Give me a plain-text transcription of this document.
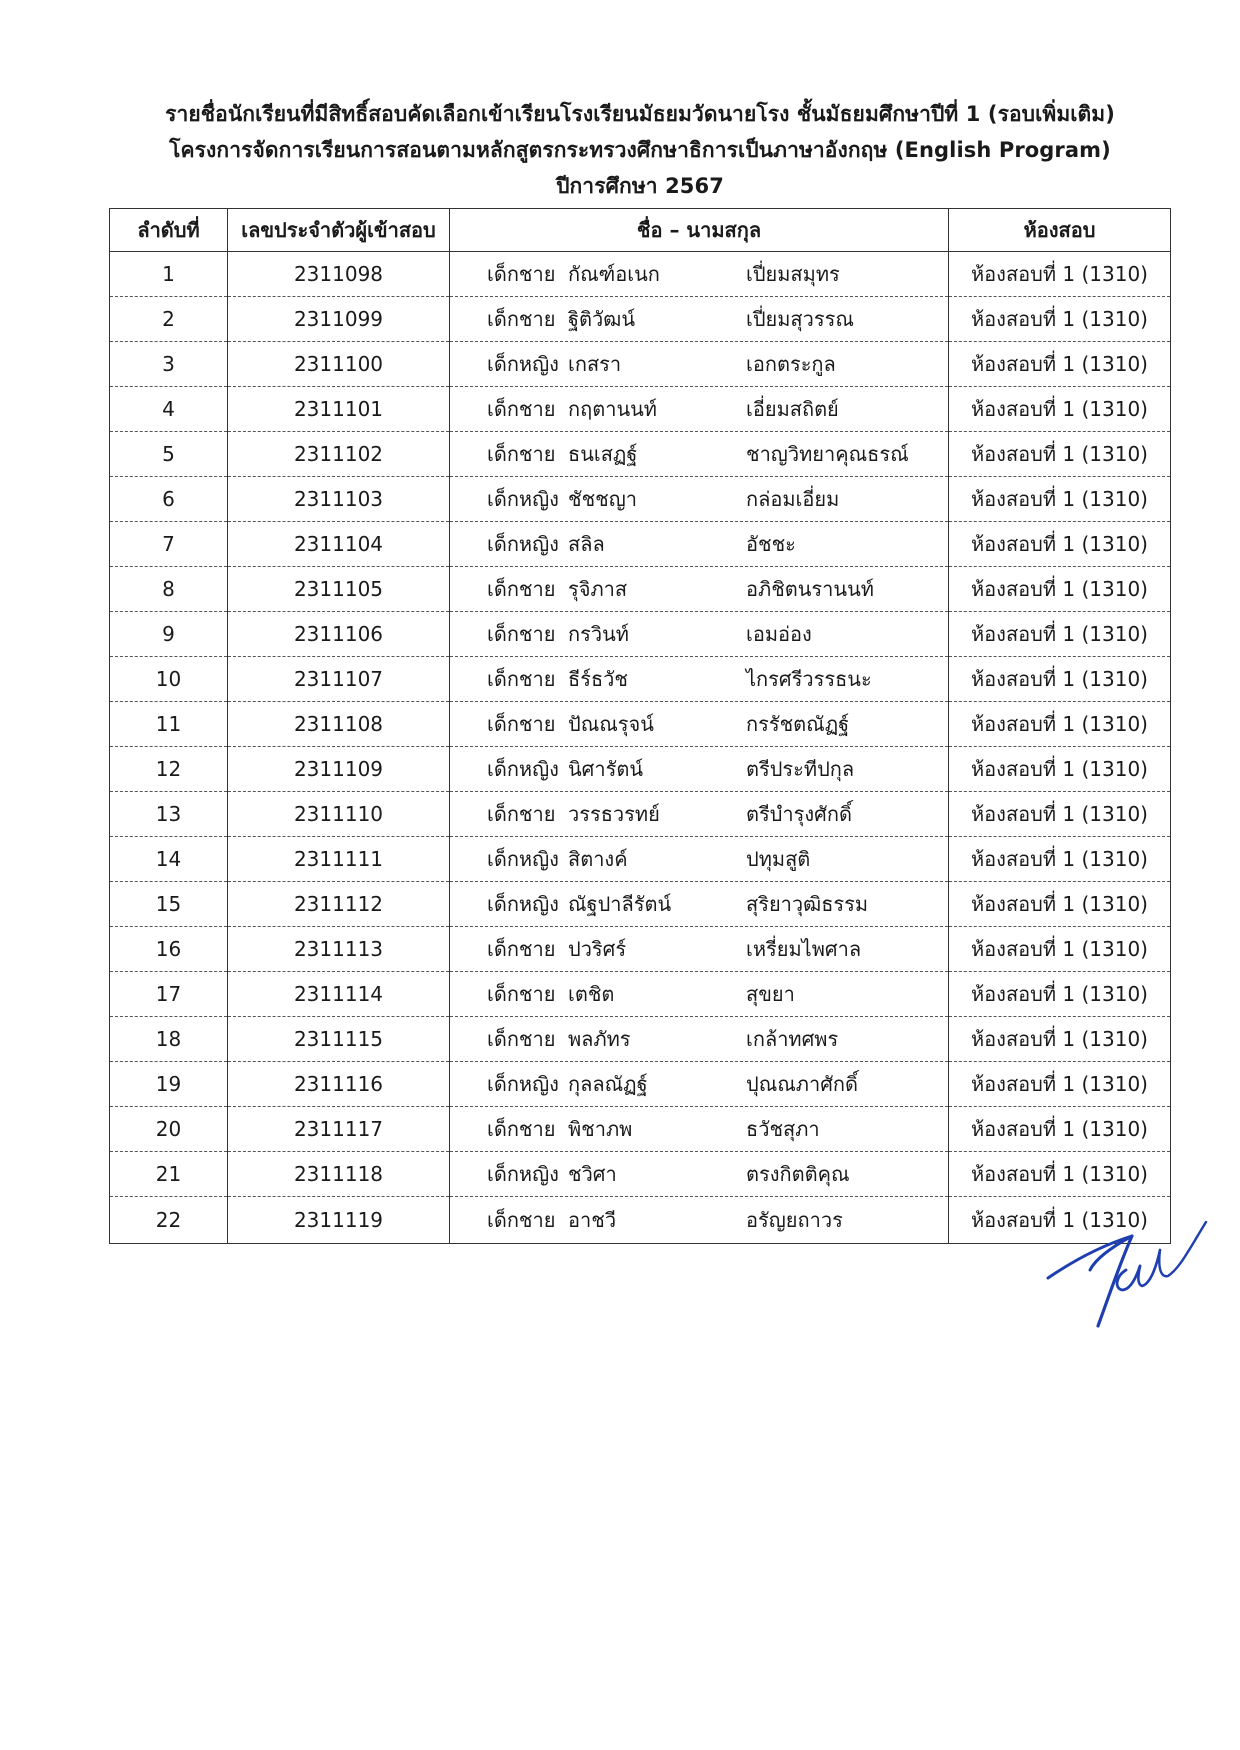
รายชื่อนักเรียนที่มีสิทธิ์สอบคัดเลือกเข้าเรียนโรงเรียนมัธยมวัดนายโรง ชั้นมัธยมศึกษาปีที่ 1 (รอบเพิ่มเติม)
โครงการจัดการเรียนการสอนตามหลักสูตรกระทรวงศึกษาธิการเป็นภาษาอังกฤษ (English Program)
ปีการศึกษา 2567
ลำดับที่	เลขประจำตัวผู้เข้าสอบ	ชื่อ – นามสกุล	ห้องสอบ
1	2311098	เด็กชาย กัณฑ์อเนก เปี่ยมสมุทร	ห้องสอบที่ 1 (1310)
2	2311099	เด็กชาย ฐิติวัฒน์ เปี่ยมสุวรรณ	ห้องสอบที่ 1 (1310)
3	2311100	เด็กหญิง เกสรา เอกตระกูล	ห้องสอบที่ 1 (1310)
4	2311101	เด็กชาย กฤตานนท์ เอี่ยมสถิตย์	ห้องสอบที่ 1 (1310)
5	2311102	เด็กชาย ธนเสฏฐ์ ชาญวิทยาคุณธรณ์	ห้องสอบที่ 1 (1310)
6	2311103	เด็กหญิง ชัชชญา กล่อมเอี่ยม	ห้องสอบที่ 1 (1310)
7	2311104	เด็กหญิง สลิล อัชชะ	ห้องสอบที่ 1 (1310)
8	2311105	เด็กชาย รุจิภาส อภิชิตนรานนท์	ห้องสอบที่ 1 (1310)
9	2311106	เด็กชาย กรวินท์ เอมอ่อง	ห้องสอบที่ 1 (1310)
10	2311107	เด็กชาย ธีร์ธวัช ไกรศรีวรรธนะ	ห้องสอบที่ 1 (1310)
11	2311108	เด็กชาย ปัณณรุจน์ กรรัชตณัฏฐ์	ห้องสอบที่ 1 (1310)
12	2311109	เด็กหญิง นิศารัตน์ ตรีประทีปกุล	ห้องสอบที่ 1 (1310)
13	2311110	เด็กชาย วรรธวรทย์ ตรีบำรุงศักดิ์	ห้องสอบที่ 1 (1310)
14	2311111	เด็กหญิง สิตางค์ ปทุมสูติ	ห้องสอบที่ 1 (1310)
15	2311112	เด็กหญิง ณัฐปาลีรัตน์ สุริยาวุฒิธรรม	ห้องสอบที่ 1 (1310)
16	2311113	เด็กชาย ปวริศร์ เหรี่ยมไพศาล	ห้องสอบที่ 1 (1310)
17	2311114	เด็กชาย เตชิต สุขยา	ห้องสอบที่ 1 (1310)
18	2311115	เด็กชาย พลภัทร เกล้าทศพร	ห้องสอบที่ 1 (1310)
19	2311116	เด็กหญิง กุลลณัฏฐ์ ปุณณภาศักดิ์	ห้องสอบที่ 1 (1310)
20	2311117	เด็กชาย พิชาภพ ธวัชสุภา	ห้องสอบที่ 1 (1310)
21	2311118	เด็กหญิง ชวิศา ตรงกิตติคุณ	ห้องสอบที่ 1 (1310)
22	2311119	เด็กชาย อาชวี อรัญยถาวร	ห้องสอบที่ 1 (1310)
